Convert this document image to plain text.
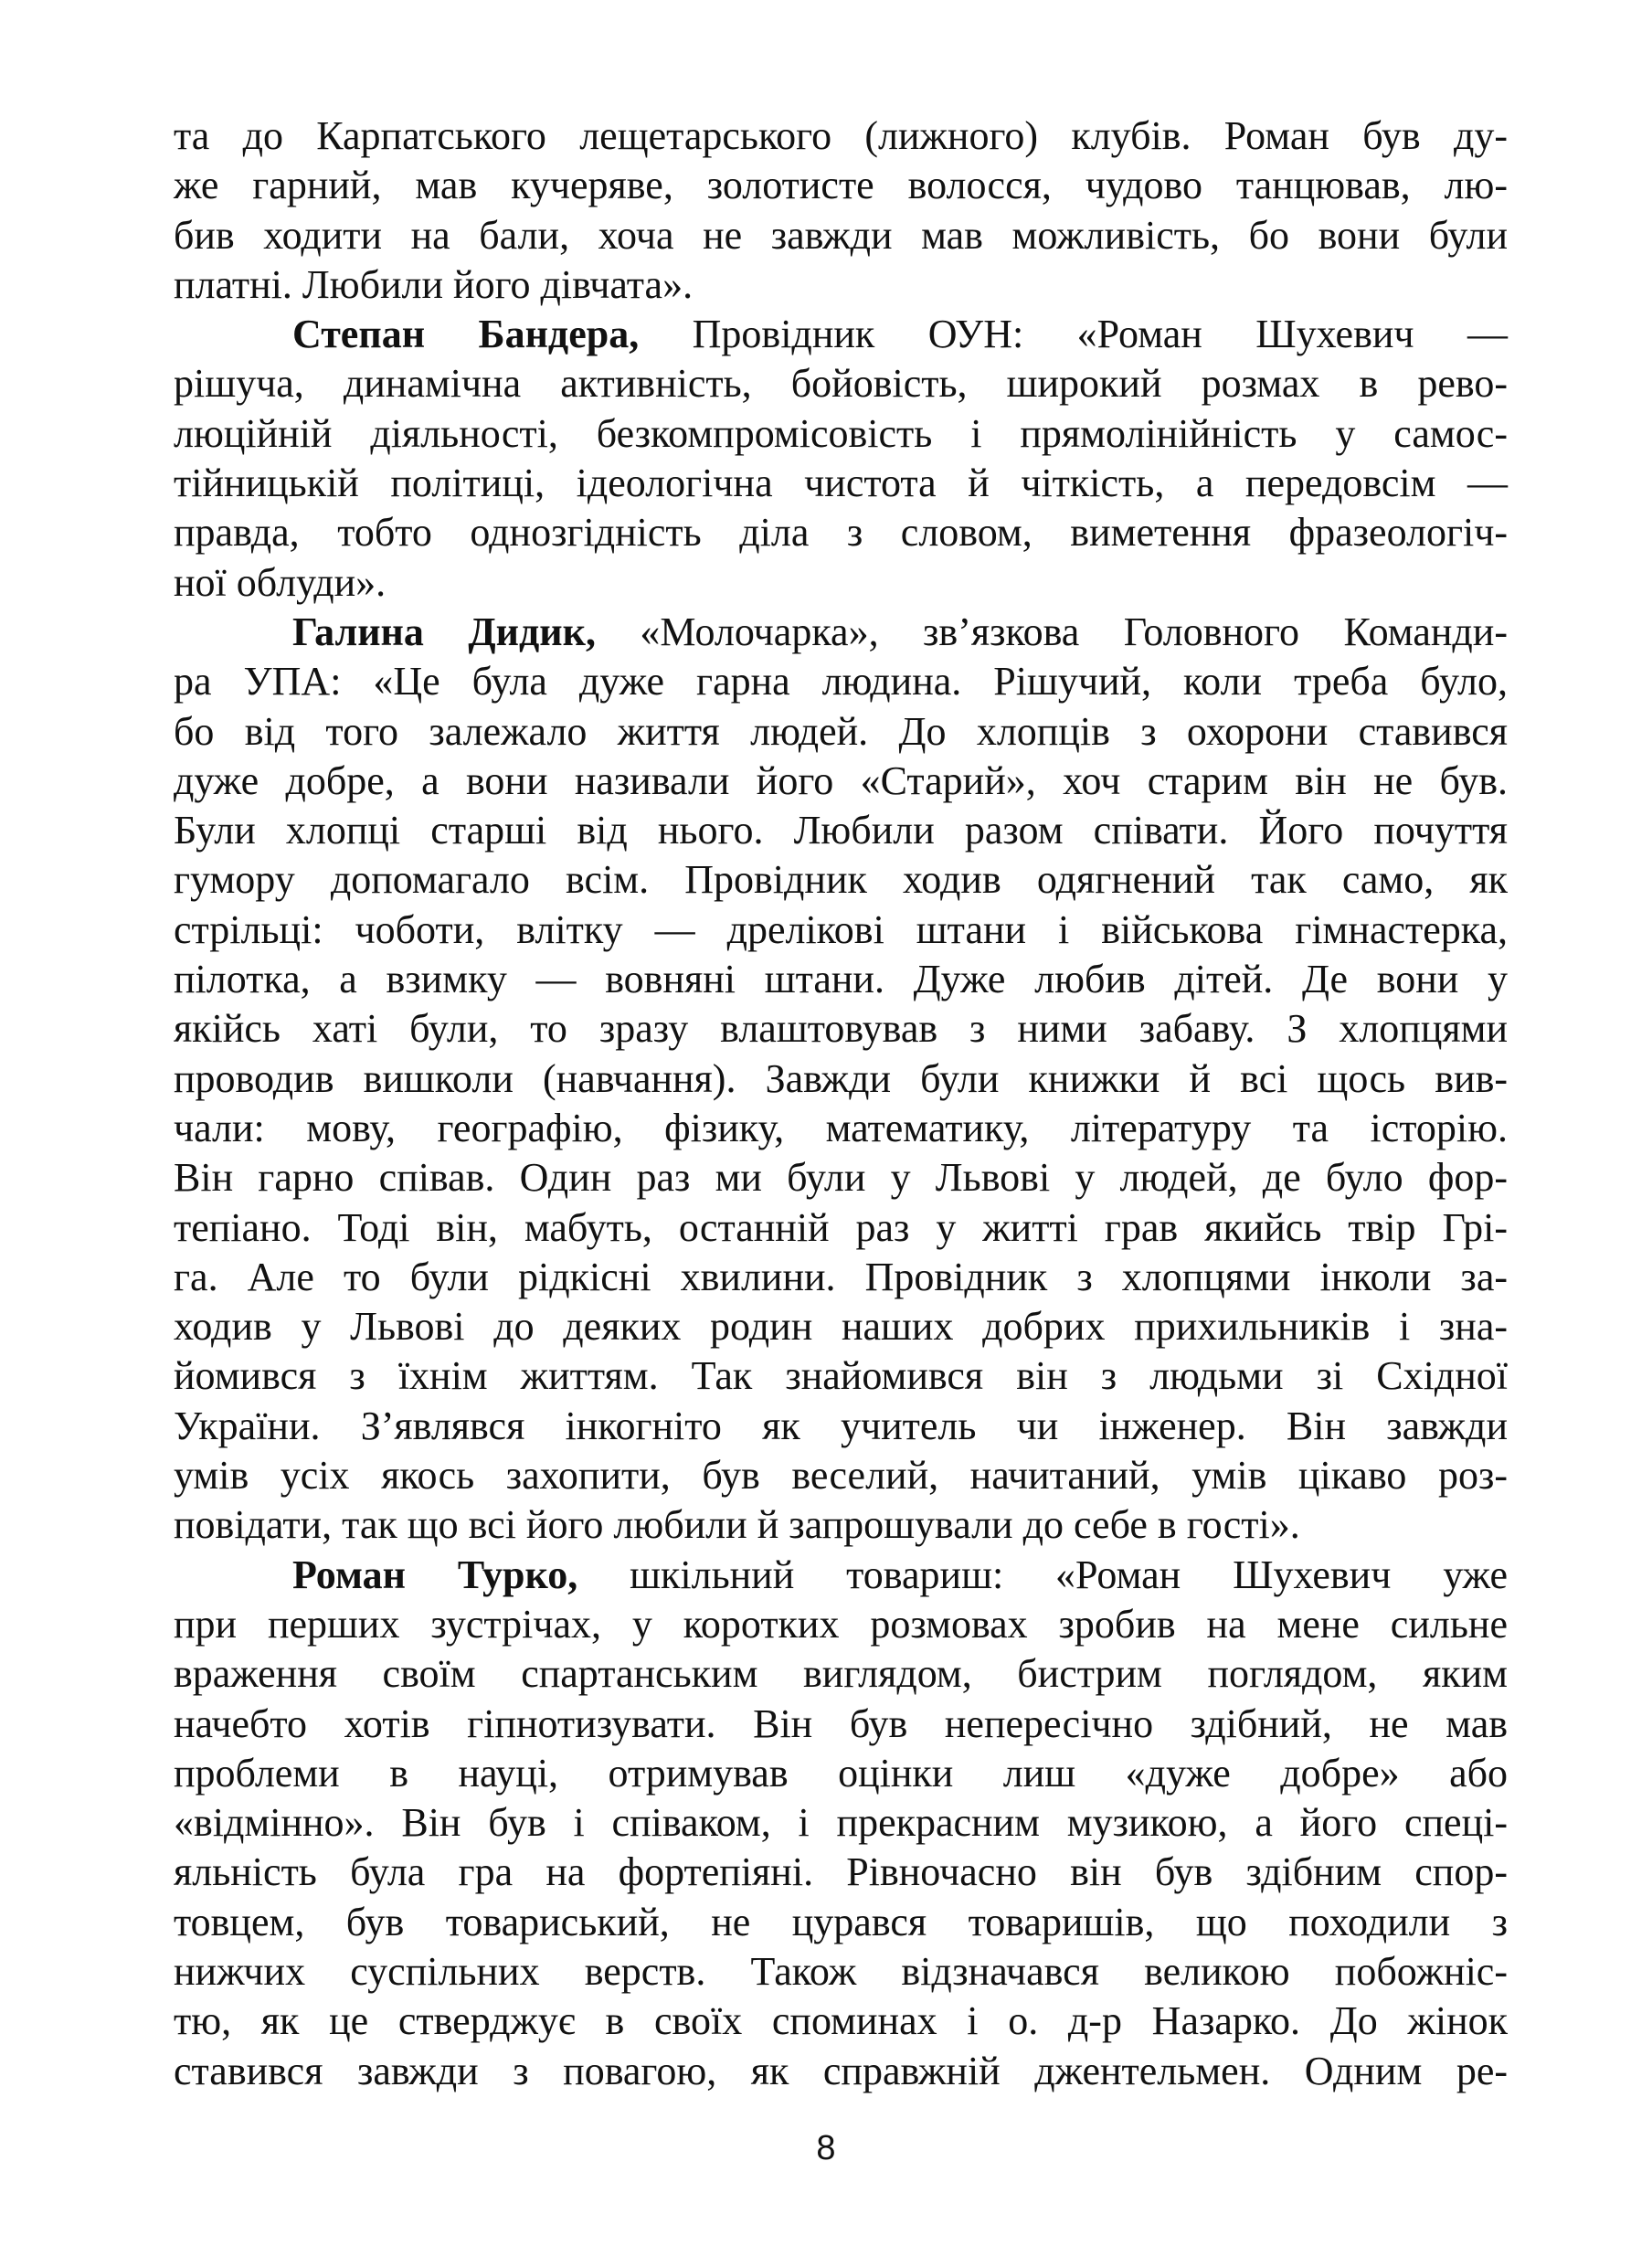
та до Карпатського лещетарського (лижного) клубів. Роман був ду-
же гарний, мав кучеряве, золотисте волосся, чудово танцював, лю-
бив ходити на бали, хоча не завжди мав можливість, бо вони були
платні. Любили його дівчата».
Степан Бандера, Провідник ОУН: «Роман Шухевич —
рішуча, динамічна активність, бойовість, широкий розмах в рево-
люційній діяльності, безкомпромісовість і прямолінійність у самос-
тійницькій політиці, ідеологічна чистота й чіткість, а передовсім —
правда, тобто однозгідність діла з словом, виметення фразеологіч-
ної облуди».
Галина Дидик, «Молочарка», зв’язкова Головного Команди-
ра УПА: «Це була дуже гарна людина. Рішучий, коли треба було,
бо від того залежало життя людей. До хлопців з охорони ставився
дуже добре, а вони називали його «Старий», хоч старим він не був.
Були хлопці старші від нього. Любили разом співати. Його почуття
гумору допомагало всім. Провідник ходив одягнений так само, як
стрільці: чоботи, влітку — дрелікові штани і військова гімнастерка,
пілотка, а взимку — вовняні штани. Дуже любив дітей. Де вони у
якійсь хаті були, то зразу влаштовував з ними забаву. З хлопцями
проводив вишколи (навчання). Завжди були книжки й всі щось вив-
чали: мову, географію, фізику, математику, літературу та історію.
Він гарно співав. Один раз ми були у Львові у людей, де було фор-
тепіано. Тоді він, мабуть, останній раз у житті грав якийсь твір Грі-
га. Але то були рідкісні хвилини. Провідник з хлопцями інколи за-
ходив у Львові до деяких родин наших добрих прихильників і зна-
йомився з їхнім життям. Так знайомився він з людьми зі Східної
України. З’являвся інкогніто як учитель чи інженер. Він завжди
умів усіх якось захопити, був веселий, начитаний, умів цікаво роз-
повідати, так що всі його любили й запрошували до себе в гості».
Роман Турко, шкільний товариш: «Роман Шухевич уже
при перших зустрічах, у коротких розмовах зробив на мене сильне
враження своїм спартанським виглядом, бистрим поглядом, яким
начебто хотів гіпнотизувати. Він був непересічно здібний, не мав
проблеми в науці, отримував оцінки лиш «дуже добре» або
«відмінно». Він був і співаком, і прекрасним музикою, а його спеці-
яльність була гра на фортепіяні. Рівночасно він був здібним спор-
товцем, був товариський, не цурався товаришів, що походили з
нижчих суспільних верств. Також відзначався великою побожніс-
тю, як це стверджує в своїх споминах і о. д-р Назарко. До жінок
ставився завжди з повагою, як справжній джентельмен. Одним ре-
8
